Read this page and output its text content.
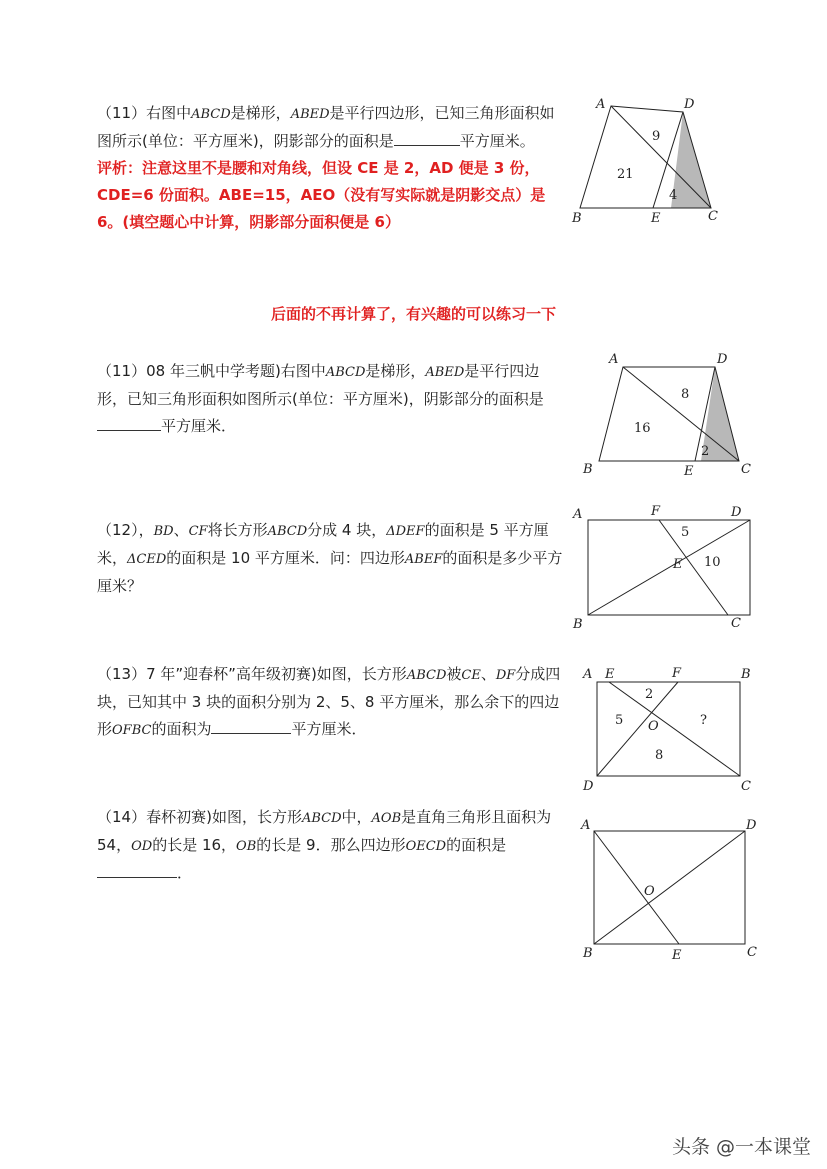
（11）右图中ABCD是梯形，ABED是平行四边形，已知三角形面积如图所示(单位：平方厘米)，阴影部分的面积是	平方厘米。
评析：注意这里不是腰和对角线，但设 CE 是 2，AD 便是 3 份，CDE=6 份面积。ABE=15，AEO（没有写实际就是阴影交点）是 6。(填空题心中计算，阴影部分面积便是 6）
A	D
B	E	C
9
21
4
后面的不再计算了，有兴趣的可以练习一下
（11）08 年三帆中学考题)右图中ABCD是梯形，ABED是平行四边形，已知三角形面积如图所示(单位：平方厘米)，阴影部分的面积是平方厘米．
A	D
B	E	C
8
16
2
（12），BD、CF将长方形ABCD分成 4 块，ΔDEF的面积是 5 平方厘米，ΔCED的面积是 10 平方厘米．问：四边形ABEF的面积是多少平方厘米？
A	F	D
E
B	C
5
10
（13）7 年”迎春杯”高年级初赛)如图，长方形ABCD被CE、DF分成四块，已知其中 3 块的面积分别为 2、5、8 平方厘米，那么余下的四边形OFBC的面积为	平方厘米．
A E	F	B
O
D	C
2
5	?
8
（14）春杯初赛)如图，长方形ABCD中，AOB是直角三角形且面积为 54，OD的长是 16，OB的长是 9．那么四边形OECD的面积是．
A	D
O
B	E	C
头条 @一本课堂
